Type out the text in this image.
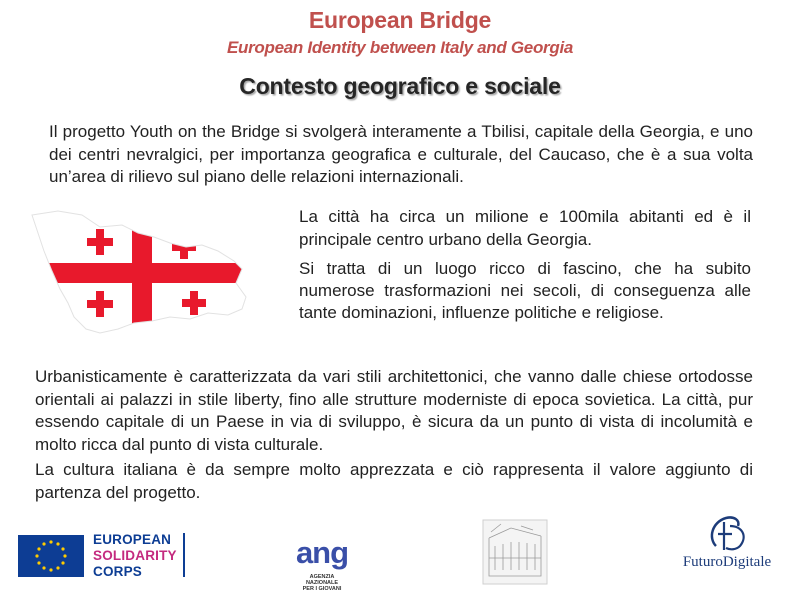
European Bridge
European Identity between Italy and Georgia
Contesto geografico e sociale

Il progetto Youth on the Bridge si svolgerà interamente a Tbilisi, capitale della Georgia, e uno dei centri nevralgici, per importanza geografica e culturale, del Caucaso, che è a sua volta un’area di rilievo sul piano delle relazioni internazionali.

La città ha circa un milione e 100mila abitanti ed è il principale centro urbano della Georgia.

Si tratta di un luogo ricco di fascino, che ha subito numerose trasformazioni nei secoli, di conseguenza alle tante dominazioni, influenze politiche e religiose.

Urbanisticamente è caratterizzata da vari stili architettonici, che vanno dalle chiese ortodosse orientali ai palazzi in stile liberty, fino alle strutture moderniste di epoca sovietica. La città, pur essendo capitale di un Paese in via di sviluppo, è sicura da un punto di vista di incolumità e molto ricca dal punto di vista culturale.

La cultura italiana è da sempre molto apprezzata e ciò rappresenta il valore aggiunto di partenza del progetto.

EUROPEAN
SOLIDARITY
CORPS
ang
AGENZIA
NAZIONALE
PER I GIOVANI
FuturoDigitale
